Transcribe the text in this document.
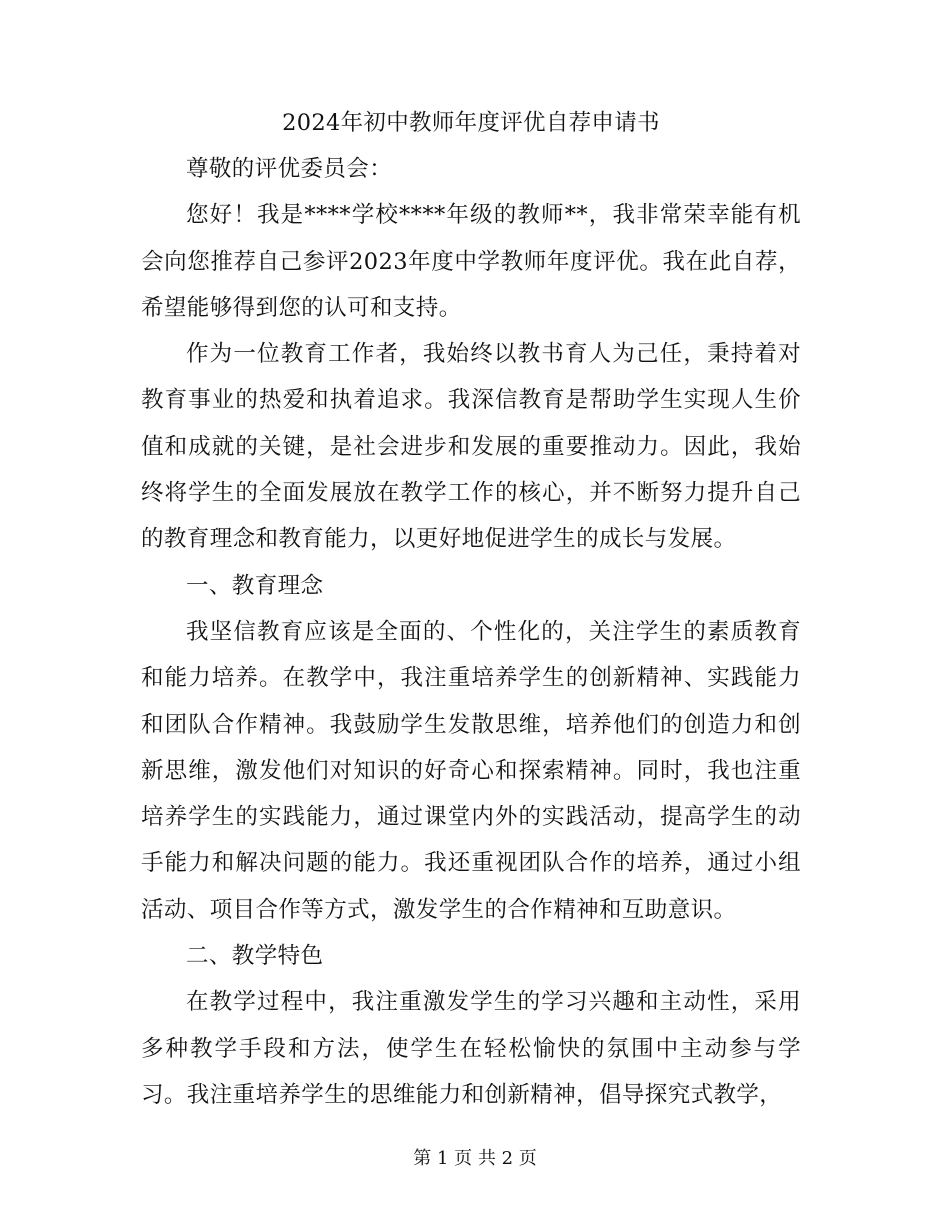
2024年初中教师年度评优自荐申请书

尊敬的评优委员会：

您好！我是****学校****年级的教师**，我非常荣幸能有机会向您推荐自己参评2023年度中学教师年度评优。我在此自荐，希望能够得到您的认可和支持。

作为一位教育工作者，我始终以教书育人为己任，秉持着对教育事业的热爱和执着追求。我深信教育是帮助学生实现人生价值和成就的关键，是社会进步和发展的重要推动力。因此，我始终将学生的全面发展放在教学工作的核心，并不断努力提升自己的教育理念和教育能力，以更好地促进学生的成长与发展。

一、教育理念

我坚信教育应该是全面的、个性化的，关注学生的素质教育和能力培养。在教学中，我注重培养学生的创新精神、实践能力和团队合作精神。我鼓励学生发散思维，培养他们的创造力和创新思维，激发他们对知识的好奇心和探索精神。同时，我也注重培养学生的实践能力，通过课堂内外的实践活动，提高学生的动手能力和解决问题的能力。我还重视团队合作的培养，通过小组活动、项目合作等方式，激发学生的合作精神和互助意识。

二、教学特色

在教学过程中，我注重激发学生的学习兴趣和主动性，采用多种教学手段和方法，使学生在轻松愉快的氛围中主动参与学习。我注重培养学生的思维能力和创新精神，倡导探究式教学，

第 1 页 共 2 页
